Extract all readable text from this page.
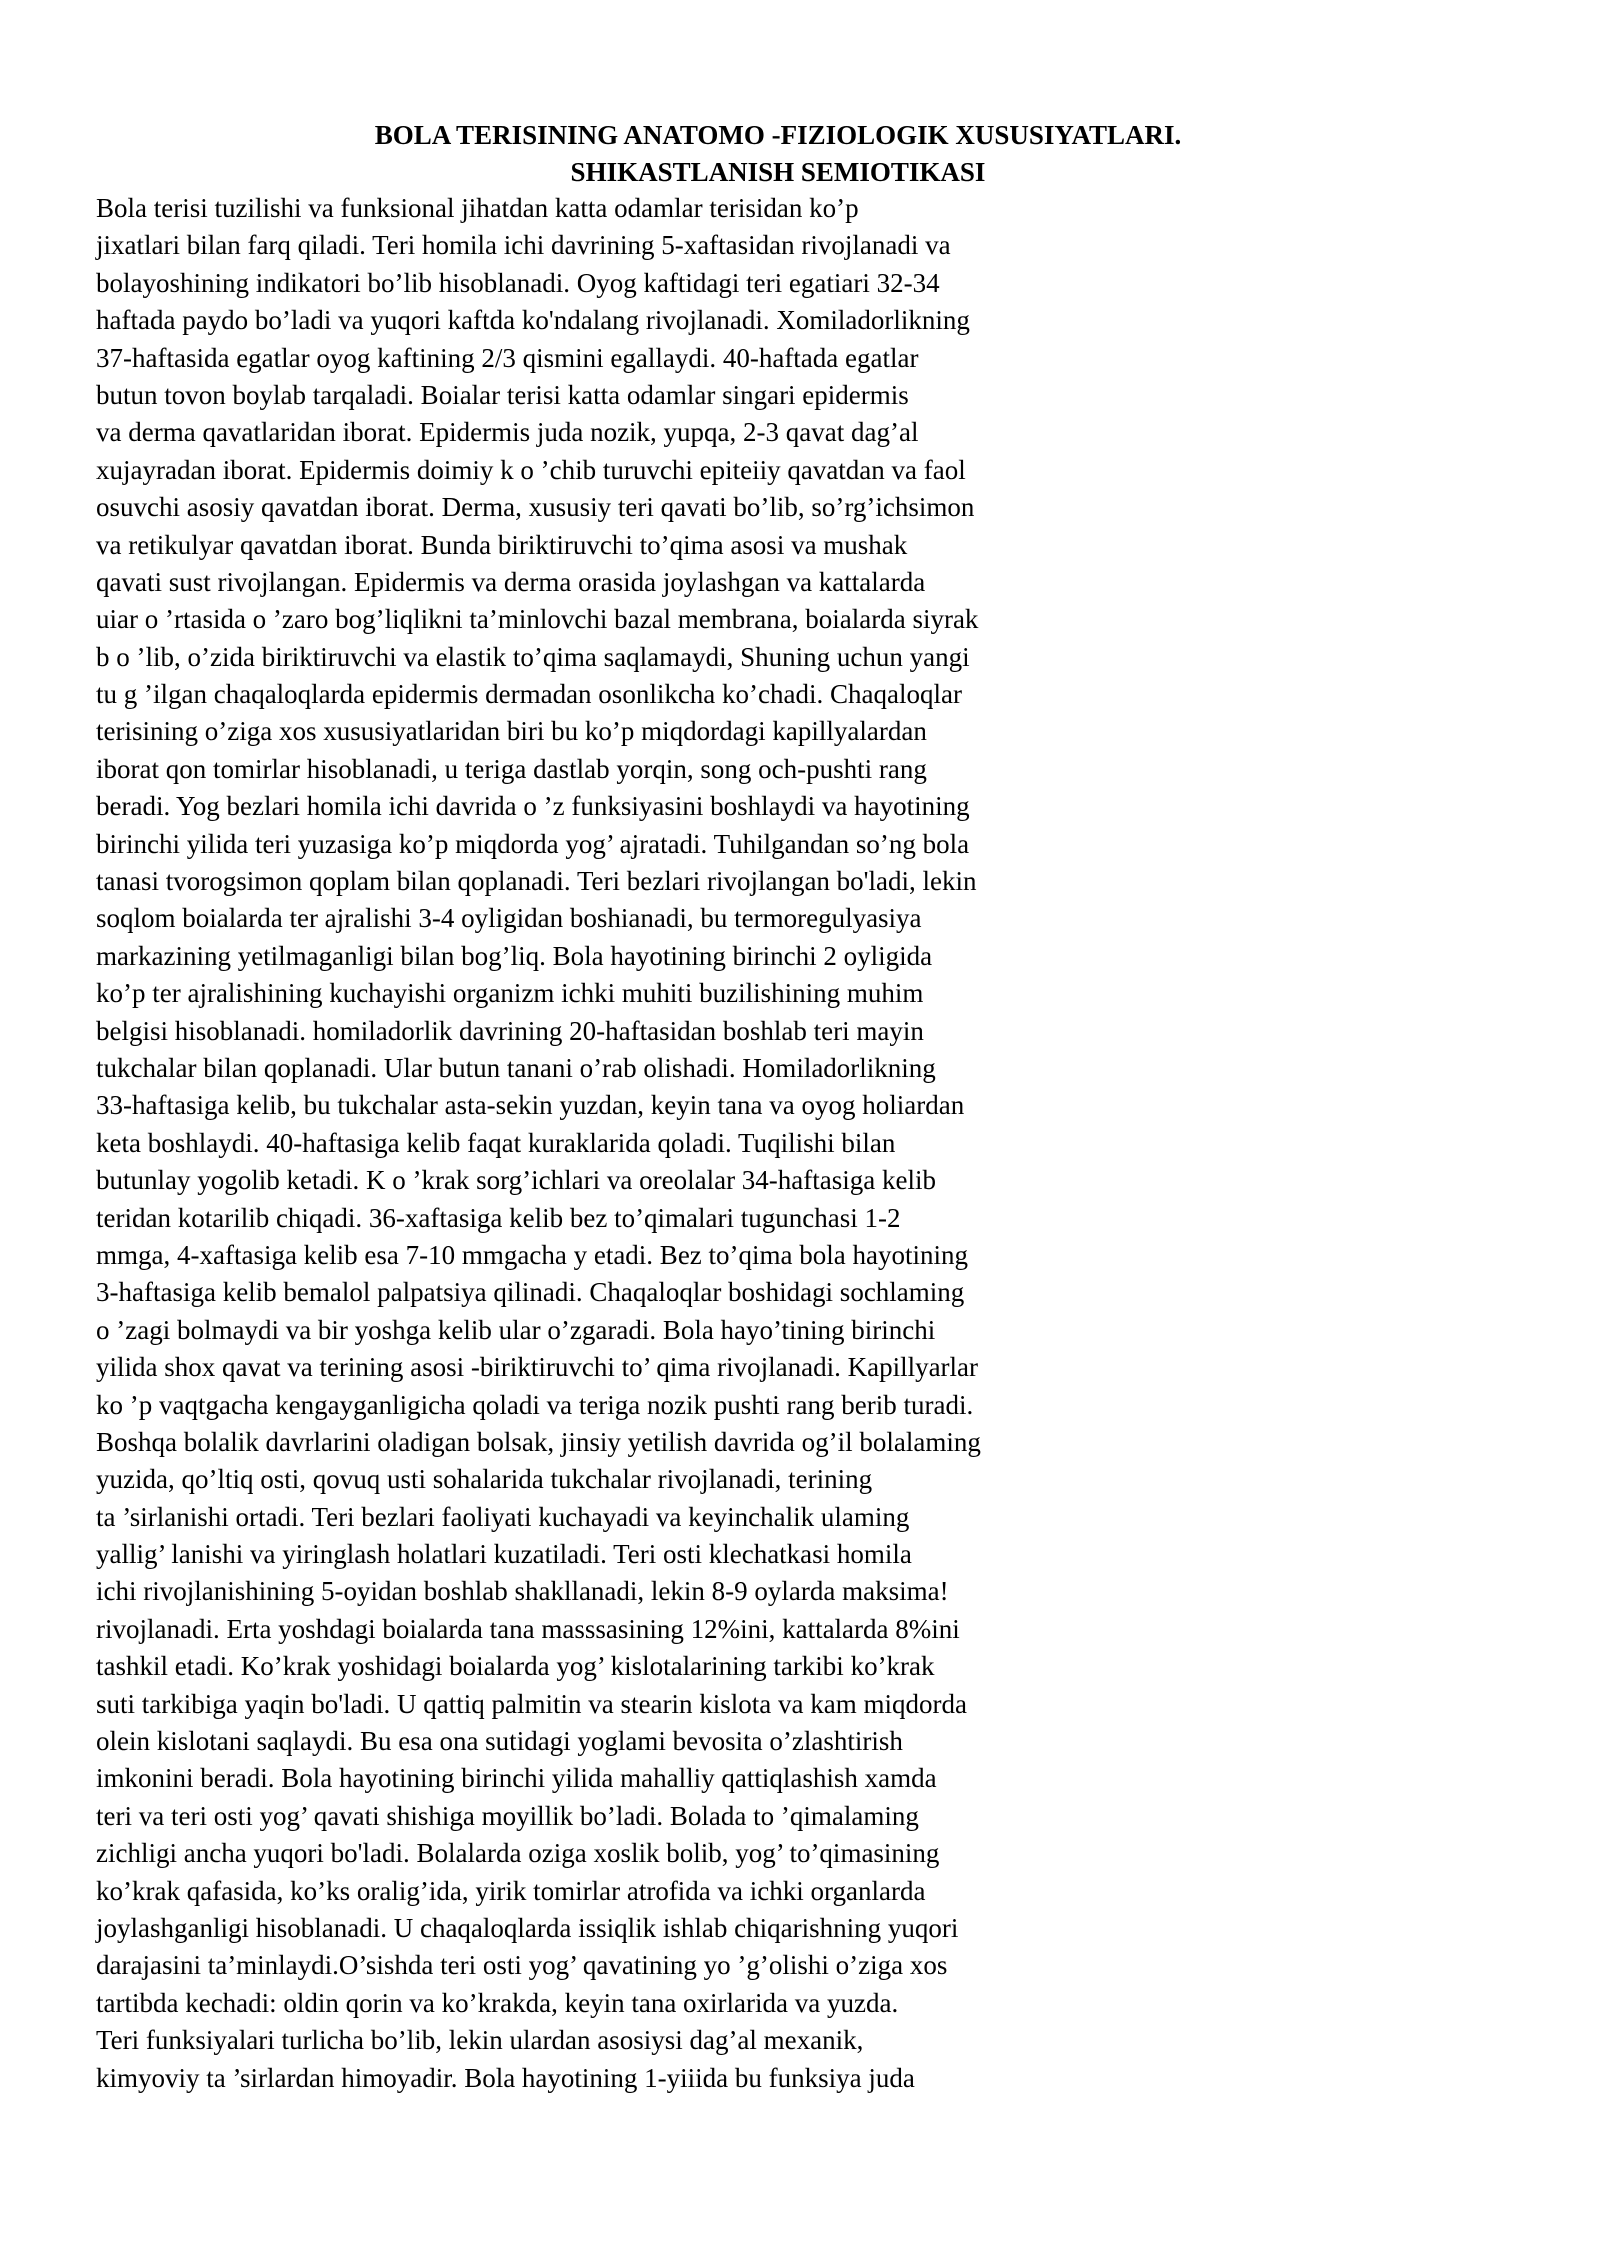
BOLA TERISINING ANATOMO -FIZIOLOGIK XUSUSIYATLARI.
SHIKASTLANISH SEMIOTIKASI
Bola terisi tuzilishi va funksional jihatdan katta odamlar terisidan ko’p
jixatlari bilan farq qiladi. Teri homila ichi davrining 5-xaftasidan rivojlanadi va
bolayoshining indikatori bo’lib hisoblanadi. Oyog kaftidagi teri egatiari 32-34
haftada paydo bo’ladi va yuqori kaftda ko'ndalang rivojlanadi. Xomiladorlikning
37-haftasida egatlar oyog kaftining 2/3 qismini egallaydi. 40-haftada egatlar
butun tovon boylab tarqaladi. Boialar terisi katta odamlar singari epidermis
va derma qavatlaridan iborat. Epidermis juda nozik, yupqa, 2-3 qavat dag’al
xujayradan iborat. Epidermis doimiy k o ’chib turuvchi epiteiiy qavatdan va faol
osuvchi asosiy qavatdan iborat. Derma, xususiy teri qavati bo’lib, so’rg’ichsimon
va retikulyar qavatdan iborat. Bunda biriktiruvchi to’qima asosi va mushak
qavati sust rivojlangan. Epidermis va derma orasida joylashgan va kattalarda
uiar o ’rtasida o ’zaro bog’liqlikni ta’minlovchi bazal membrana, boialarda siyrak
b o ’lib, o’zida biriktiruvchi va elastik to’qima saqlamaydi, Shuning uchun yangi
tu g ’ilgan chaqaloqlarda epidermis dermadan osonlikcha ko’chadi. Chaqaloqlar
terisining o’ziga xos xususiyatlaridan biri bu ko’p miqdordagi kapillyalardan
iborat qon tomirlar hisoblanadi, u teriga dastlab yorqin, song och-pushti rang
beradi. Yog bezlari homila ichi davrida o ’z funksiyasini boshlaydi va hayotining
birinchi yilida teri yuzasiga ko’p miqdorda yog’ ajratadi. Tuhilgandan so’ng bola
tanasi tvorogsimon qoplam bilan qoplanadi. Teri bezlari rivojlangan bo'ladi, lekin
soqlom boialarda ter ajralishi 3-4 oyligidan boshianadi, bu termoregulyasiya
markazining yetilmaganligi bilan bog’liq. Bola hayotining birinchi 2 oyligida
ko’p ter ajralishining kuchayishi organizm ichki muhiti buzilishining muhim
belgisi hisoblanadi. homiladorlik davrining 20-haftasidan boshlab teri mayin
tukchalar bilan qoplanadi. Ular butun tanani o’rab olishadi. Homiladorlikning
33-haftasiga kelib, bu tukchalar asta-sekin yuzdan, keyin tana va oyog holiardan
keta boshlaydi. 40-haftasiga kelib faqat kuraklarida qoladi. Tuqilishi bilan
butunlay yogolib ketadi. K o ’krak sorg’ichlari va oreolalar 34-haftasiga kelib
teridan kotarilib chiqadi. 36-xaftasiga kelib bez to’qimalari tugunchasi 1-2
mmga, 4-xaftasiga kelib esa 7-10 mmgacha y etadi. Bez to’qima bola hayotining
3-haftasiga kelib bemalol palpatsiya qilinadi. Chaqaloqlar boshidagi sochlaming
o ’zagi bolmaydi va bir yoshga kelib ular o’zgaradi. Bola hayo’tining birinchi
yilida shox qavat va terining asosi -biriktiruvchi to’ qima rivojlanadi. Kapillyarlar
ko ’p vaqtgacha kengayganligicha qoladi va teriga nozik pushti rang berib turadi.
Boshqa bolalik davrlarini oladigan bolsak, jinsiy yetilish davrida og’il bolalaming
yuzida, qo’ltiq osti, qovuq usti sohalarida tukchalar rivojlanadi, terining
ta ’sirlanishi ortadi. Teri bezlari faoliyati kuchayadi va keyinchalik ulaming
yallig’ lanishi va yiringlash holatlari kuzatiladi. Teri osti klechatkasi homila
ichi rivojlanishining 5-oyidan boshlab shakllanadi, lekin 8-9 oylarda maksima!
rivojlanadi. Erta yoshdagi boialarda tana masssasining 12%ini, kattalarda 8%ini
tashkil etadi. Ko’krak yoshidagi boialarda yog’ kislotalarining tarkibi ko’krak
suti tarkibiga yaqin bo'ladi. U qattiq palmitin va stearin kislota va kam miqdorda
olein kislotani saqlaydi. Bu esa ona sutidagi yoglami bevosita o’zlashtirish
imkonini beradi. Bola hayotining birinchi yilida mahalliy qattiqlashish xamda
teri va teri osti yog’ qavati shishiga moyillik bo’ladi. Bolada to ’qimalaming
zichligi ancha yuqori bo'ladi. Bolalarda oziga xoslik bolib, yog’ to’qimasining
ko’krak qafasida, ko’ks oralig’ida, yirik tomirlar atrofida va ichki organlarda
joylashganligi hisoblanadi. U chaqaloqlarda issiqlik ishlab chiqarishning yuqori
darajasini ta’minlaydi.O’sishda teri osti yog’ qavatining yo ’g’olishi o’ziga xos
tartibda kechadi: oldin qorin va ko’krakda, keyin tana oxirlarida va yuzda.
Teri funksiyalari turlicha bo’lib, lekin ulardan asosiysi dag’al mexanik,
kimyoviy ta ’sirlardan himoyadir. Bola hayotining 1-yiiida bu funksiya juda
